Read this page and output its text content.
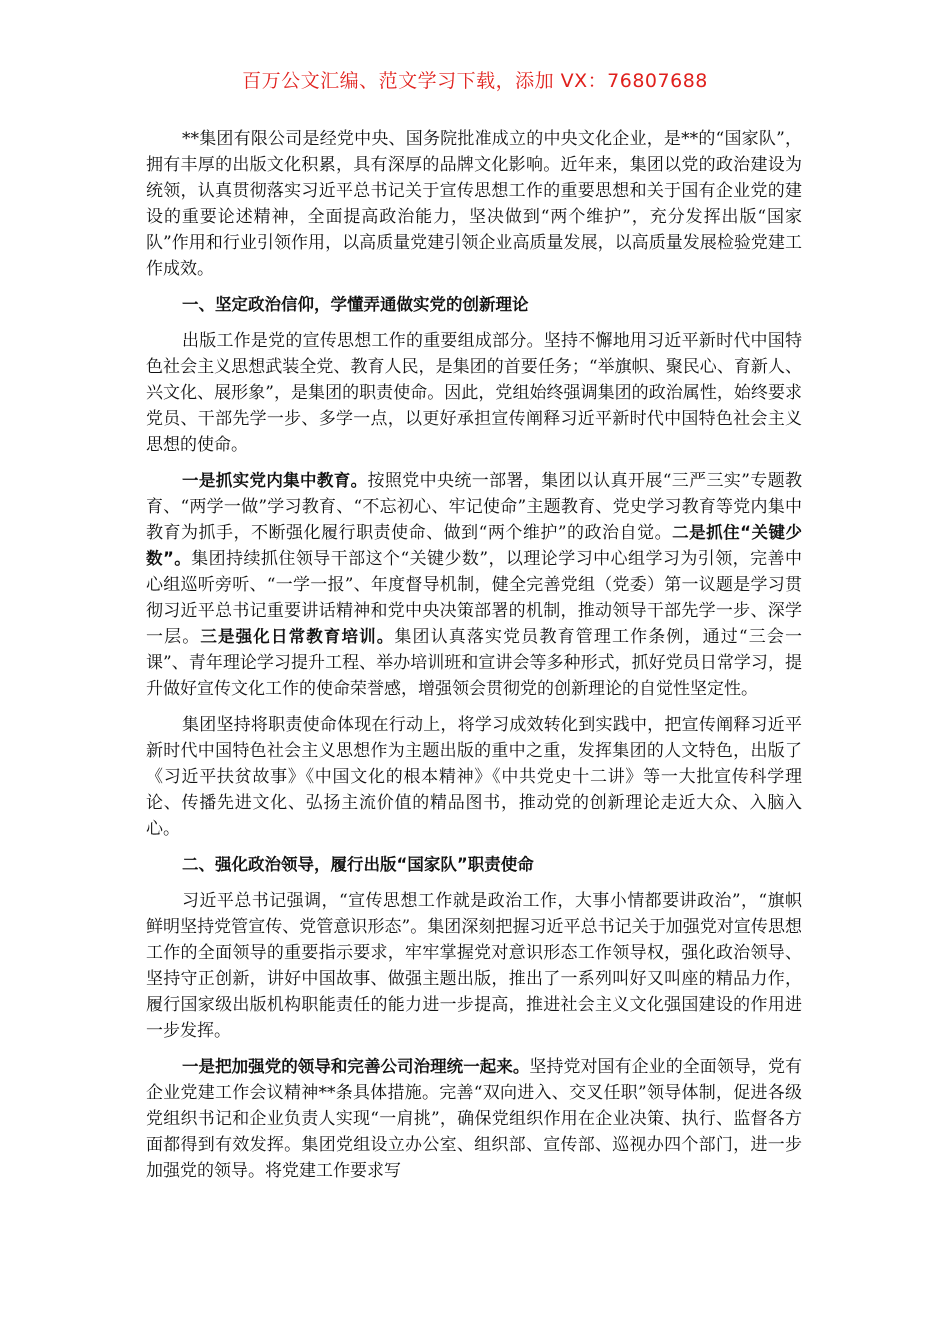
百万公文汇编、范文学习下载，添加 VX：76807688

**集团有限公司是经党中央、国务院批准成立的中央文化企业，是**的“国家队”，拥有丰厚的出版文化积累，具有深厚的品牌文化影响。近年来，集团以党的政治建设为统领，认真贯彻落实习近平总书记关于宣传思想工作的重要思想和关于国有企业党的建设的重要论述精神，全面提高政治能力，坚决做到“两个维护”，充分发挥出版“国家队”作用和行业引领作用，以高质量党建引领企业高质量发展，以高质量发展检验党建工作成效。

一、坚定政治信仰，学懂弄通做实党的创新理论

出版工作是党的宣传思想工作的重要组成部分。坚持不懈地用习近平新时代中国特色社会主义思想武装全党、教育人民，是集团的首要任务；“举旗帜、聚民心、育新人、兴文化、展形象”，是集团的职责使命。因此，党组始终强调集团的政治属性，始终要求党员、干部先学一步、多学一点，以更好承担宣传阐释习近平新时代中国特色社会主义思想的使命。

一是抓实党内集中教育。按照党中央统一部署，集团以认真开展“三严三实”专题教育、“两学一做”学习教育、“不忘初心、牢记使命”主题教育、党史学习教育等党内集中教育为抓手，不断强化履行职责使命、做到“两个维护”的政治自觉。二是抓住“关键少数”。集团持续抓住领导干部这个“关键少数”，以理论学习中心组学习为引领，完善中心组巡听旁听、“一学一报”、年度督导机制，健全完善党组（党委）第一议题是学习贯彻习近平总书记重要讲话精神和党中央决策部署的机制，推动领导干部先学一步、深学一层。三是强化日常教育培训。集团认真落实党员教育管理工作条例，通过“三会一课”、青年理论学习提升工程、举办培训班和宣讲会等多种形式，抓好党员日常学习，提升做好宣传文化工作的使命荣誉感，增强领会贯彻党的创新理论的自觉性坚定性。

集团坚持将职责使命体现在行动上，将学习成效转化到实践中，把宣传阐释习近平新时代中国特色社会主义思想作为主题出版的重中之重，发挥集团的人文特色，出版了《习近平扶贫故事》《中国文化的根本精神》《中共党史十二讲》等一大批宣传科学理论、传播先进文化、弘扬主流价值的精品图书，推动党的创新理论走近大众、入脑入心。

二、强化政治领导，履行出版“国家队”职责使命

习近平总书记强调，“宣传思想工作就是政治工作，大事小情都要讲政治”，“旗帜鲜明坚持党管宣传、党管意识形态”。集团深刻把握习近平总书记关于加强党对宣传思想工作的全面领导的重要指示要求，牢牢掌握党对意识形态工作领导权，强化政治领导、坚持守正创新，讲好中国故事、做强主题出版，推出了一系列叫好又叫座的精品力作，履行国家级出版机构职能责任的能力进一步提高，推进社会主义文化强国建设的作用进一步发挥。

一是把加强党的领导和完善公司治理统一起来。坚持党对国有企业的全面领导，党有企业党建工作会议精神**条具体措施。完善“双向进入、交叉任职”领导体制，促进各级党组织书记和企业负责人实现“一肩挑”，确保党组织作用在企业决策、执行、监督各方面都得到有效发挥。集团党组设立办公室、组织部、宣传部、巡视办四个部门，进一步加强党的领导。将党建工作要求写
